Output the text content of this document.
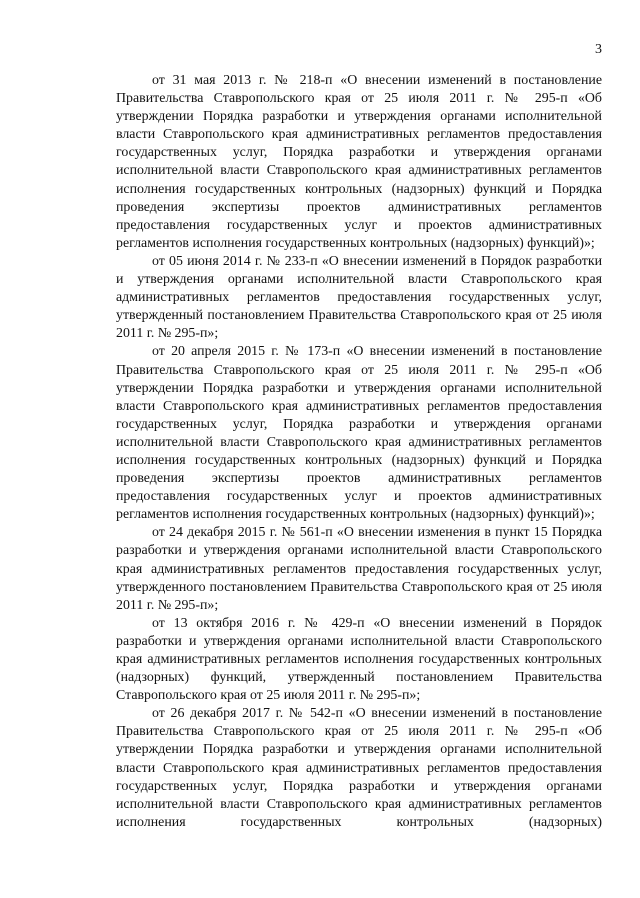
3

от 31 мая 2013 г. № 218-п «О внесении изменений в постановление Правительства Ставропольского края от 25 июля 2011 г. № 295-п «Об утверждении Порядка разработки и утверждения органами исполнительной власти Ставропольского края административных регламентов предоставления государственных услуг, Порядка разработки и утверждения органами исполнительной власти Ставропольского края административных регламентов исполнения государственных контрольных (надзорных) функций и Порядка проведения экспертизы проектов административных регламентов предоставления государственных услуг и проектов административных регламентов исполнения государственных контрольных (надзорных) функций)»;

от 05 июня 2014 г. № 233-п «О внесении изменений в Порядок разработки и утверждения органами исполнительной власти Ставропольского края административных регламентов предоставления государственных услуг, утвержденный постановлением Правительства Ставропольского края от 25 июля 2011 г. № 295-п»;

от 20 апреля 2015 г. № 173-п «О внесении изменений в постановление Правительства Ставропольского края от 25 июля 2011 г. № 295-п «Об утверждении Порядка разработки и утверждения органами исполнительной власти Ставропольского края административных регламентов предоставления государственных услуг, Порядка разработки и утверждения органами исполнительной власти Ставропольского края административных регламентов исполнения государственных контрольных (надзорных) функций и Порядка проведения экспертизы проектов административных регламентов предоставления государственных услуг и проектов административных регламентов исполнения государственных контрольных (надзорных) функций)»;

от 24 декабря 2015 г. № 561-п «О внесении изменения в пункт 15 Порядка разработки и утверждения органами исполнительной власти Ставропольского края административных регламентов предоставления государственных услуг, утвержденного постановлением Правительства Ставропольского края от 25 июля 2011 г. № 295-п»;

от 13 октября 2016 г. № 429-п «О внесении изменений в Порядок разработки и утверждения органами исполнительной власти Ставропольского края административных регламентов исполнения государственных контрольных (надзорных) функций, утвержденный постановлением Правительства Ставропольского края от 25 июля 2011 г. № 295-п»;

от 26 декабря 2017 г. № 542-п «О внесении изменений в постановление Правительства Ставропольского края от 25 июля 2011 г. № 295-п «Об утверждении Порядка разработки и утверждения органами исполнительной власти Ставропольского края административных регламентов предоставления государственных услуг, Порядка разработки и утверждения органами исполнительной власти Ставропольского края административных регламентов исполнения государственных контрольных (надзорных)
